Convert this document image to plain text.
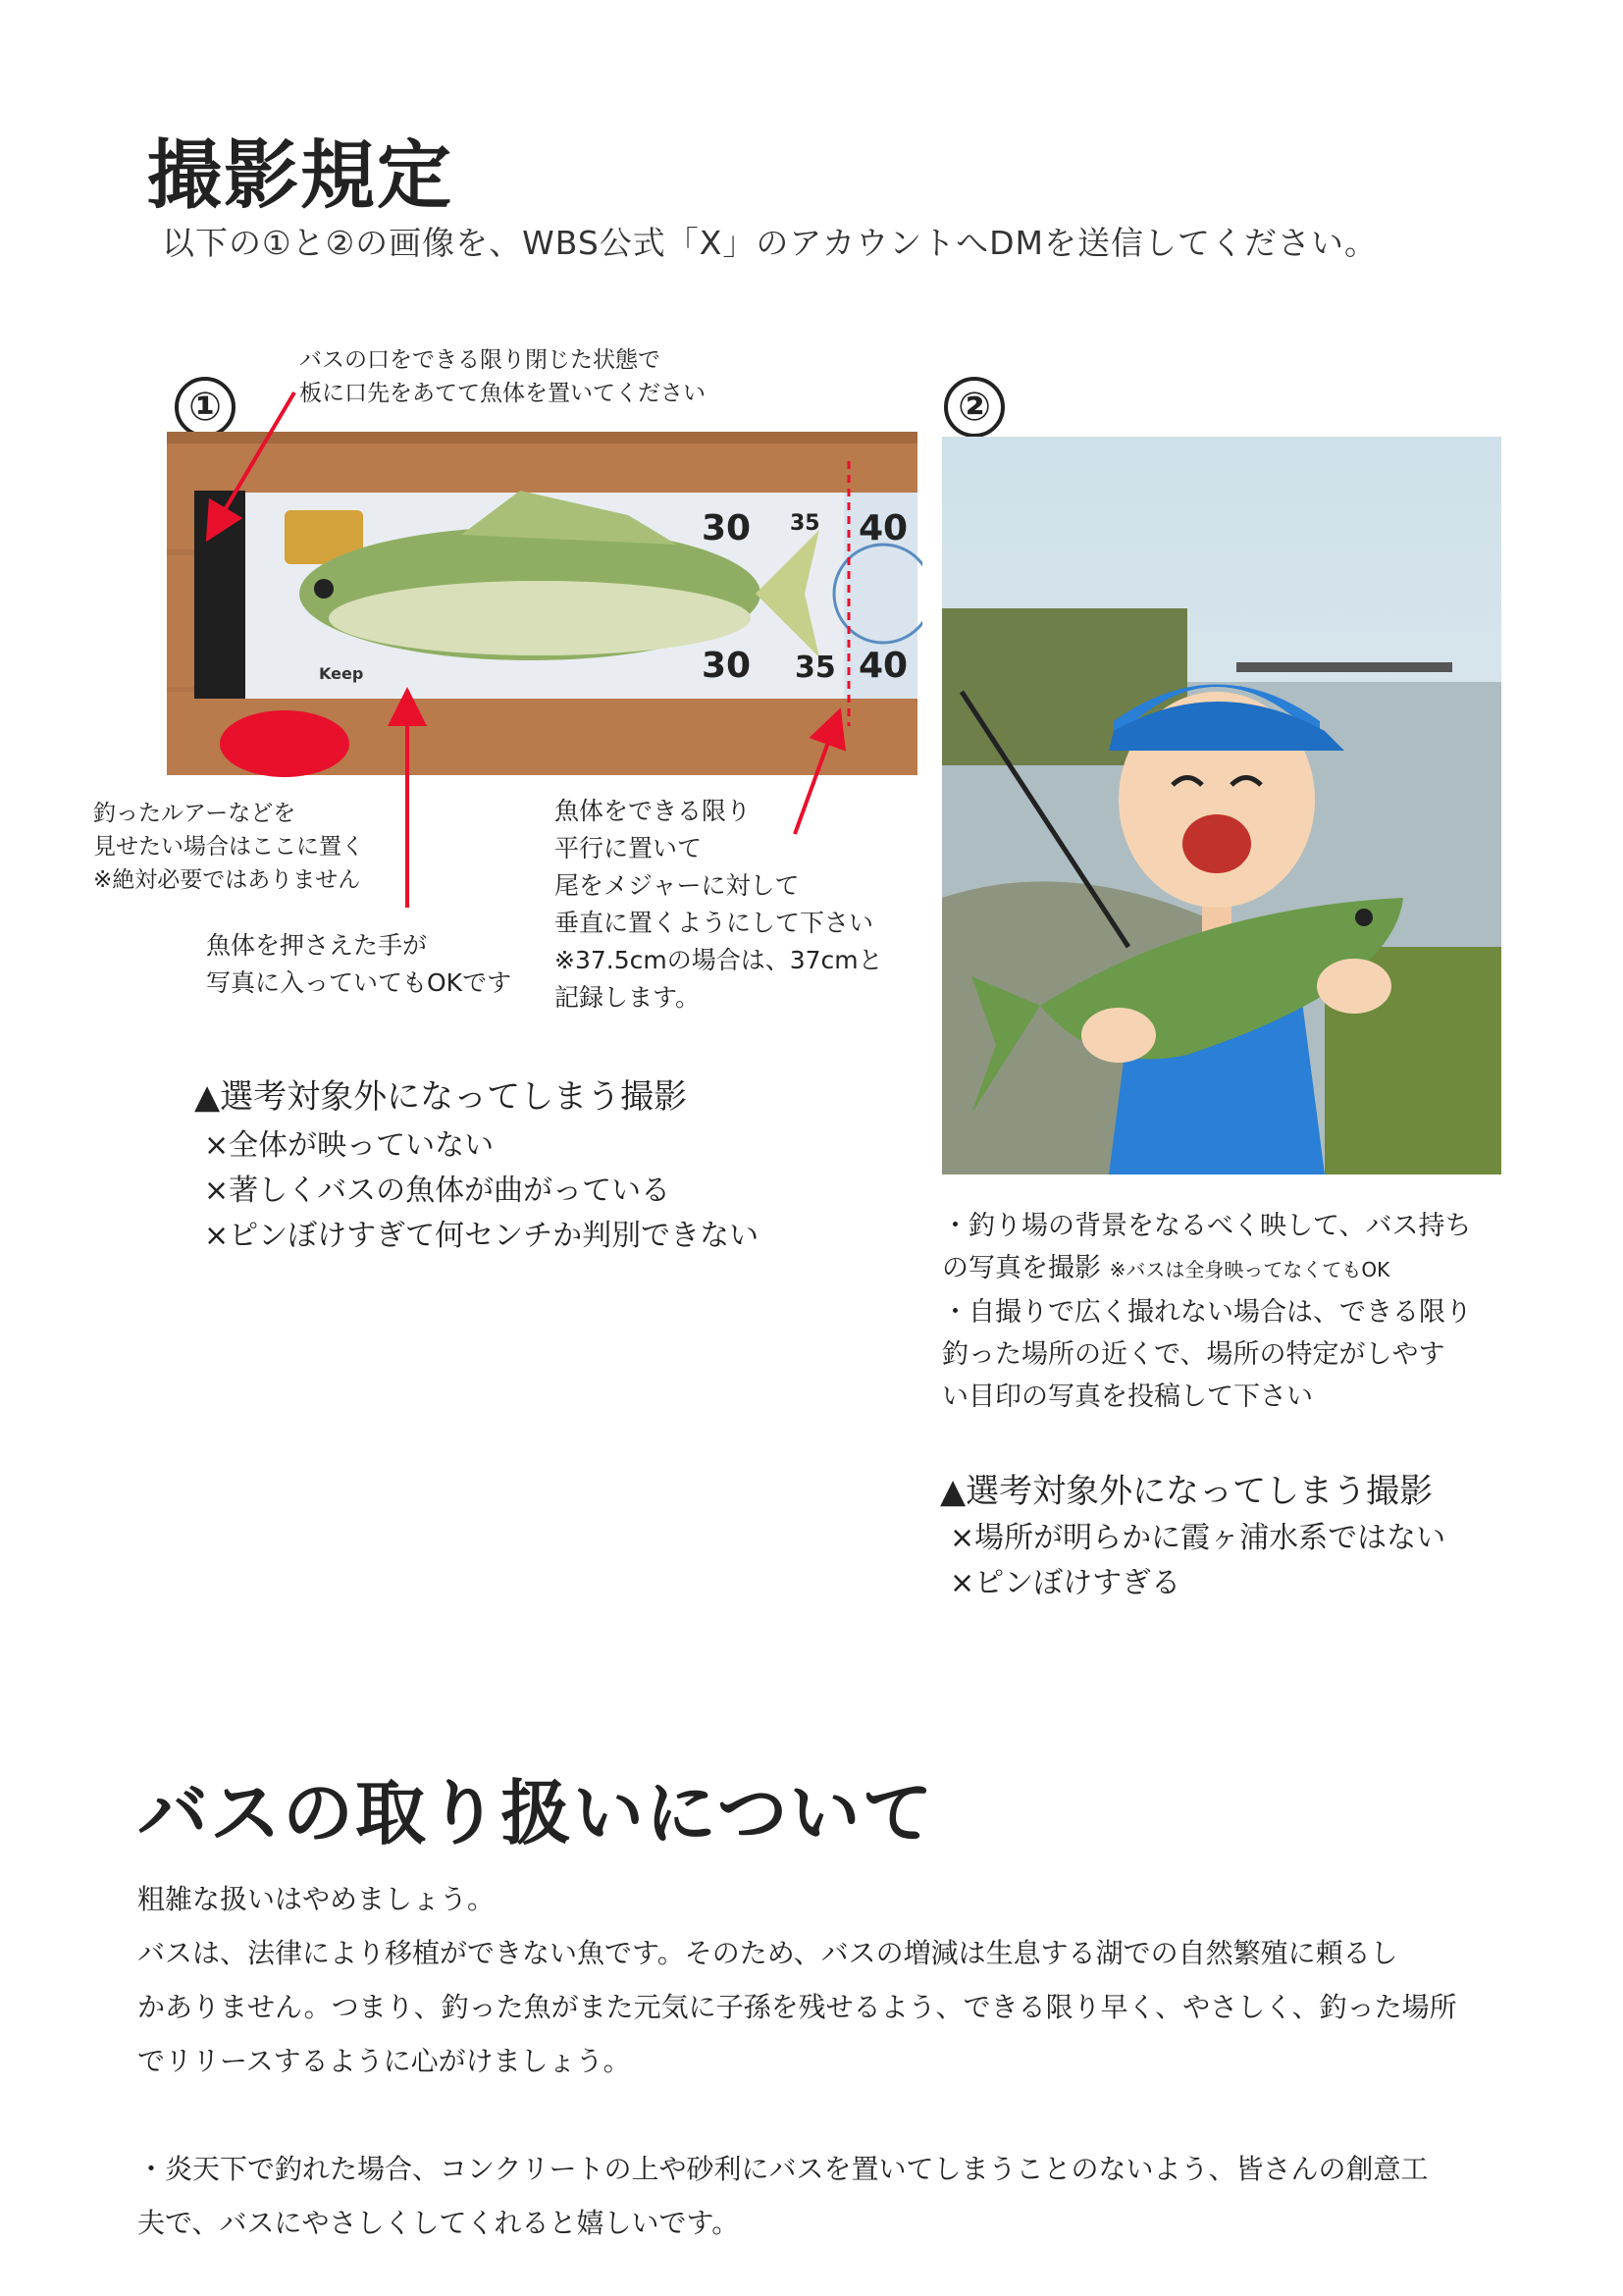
撮影規定
以下の①と②の画像を、WBS公式「X」のアカウントへDMを送信してください。
①
バスの口をできる限り閉じた状態で
板に口先をあてて魚体を置いてください
30 35 40
30 35 40
Keep
釣ったルアーなどを
見せたい場合はここに置く
※絶対必要ではありません
魚体を押さえた手が
写真に入っていてもOKです
魚体をできる限り
平行に置いて
尾をメジャーに対して
垂直に置くようにして下さい
※37.5cmの場合は、37cmと
記録します。
▲選考対象外になってしまう撮影
×全体が映っていない
×著しくバスの魚体が曲がっている
×ピンぼけすぎて何センチか判別できない
②
・釣り場の背景をなるべく映して、バス持ち
の写真を撮影 ※バスは全身映ってなくてもOK
・自撮りで広く撮れない場合は、できる限り
釣った場所の近くで、場所の特定がしやす
い目印の写真を投稿して下さい
▲選考対象外になってしまう撮影
×場所が明らかに霞ヶ浦水系ではない
×ピンぼけすぎる
バスの取り扱いについて
粗雑な扱いはやめましょう。
バスは、法律により移植ができない魚です。そのため、バスの増減は生息する湖での自然繁殖に頼るし
かありません。つまり、釣った魚がまた元気に子孫を残せるよう、できる限り早く、やさしく、釣った場所
でリリースするように心がけましょう。
・炎天下で釣れた場合、コンクリートの上や砂利にバスを置いてしまうことのないよう、皆さんの創意工
夫で、バスにやさしくしてくれると嬉しいです。
